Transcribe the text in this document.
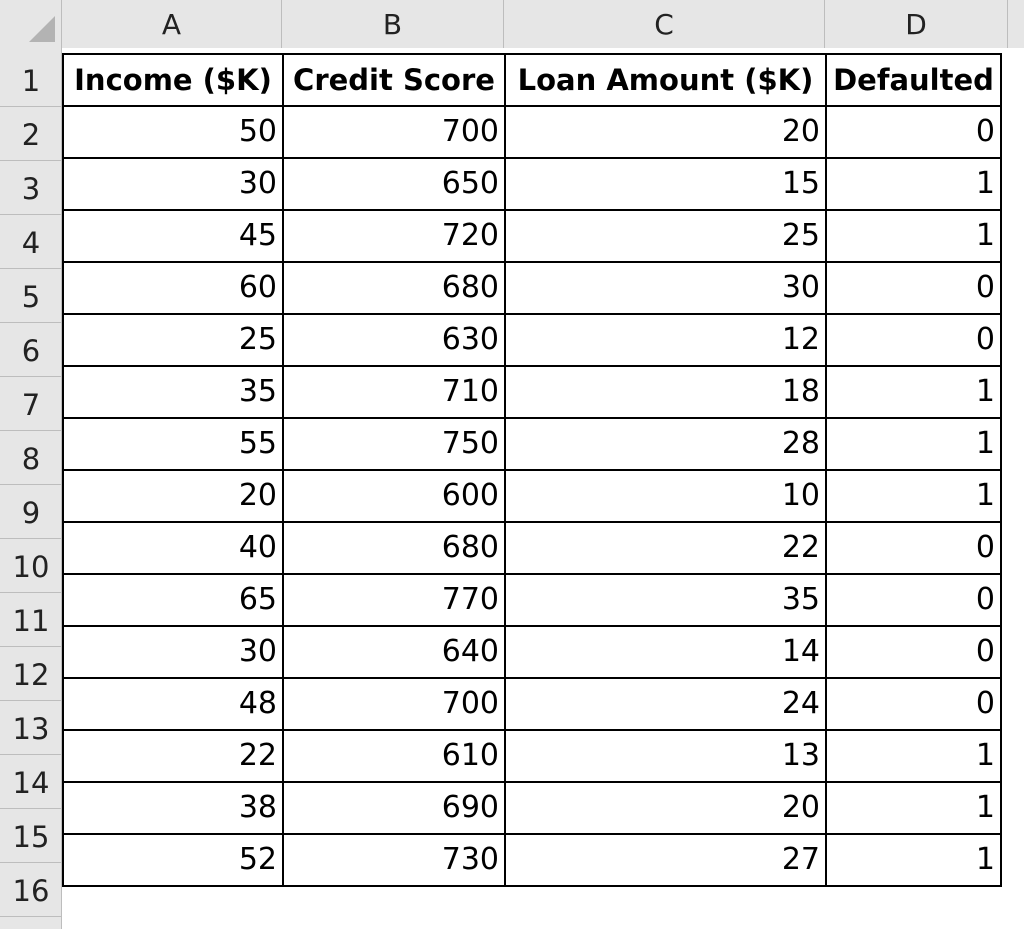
A	B	C	D
1
2
3
4
5
6
7
8
9
10
11
12
13
14
15
16
Income ($K)	Credit Score	Loan Amount ($K)	Defaulted
50	700	20	0
30	650	15	1
45	720	25	1
60	680	30	0
25	630	12	0
35	710	18	1
55	750	28	1
20	600	10	1
40	680	22	0
65	770	35	0
30	640	14	0
48	700	24	0
22	610	13	1
38	690	20	1
52	730	27	1
